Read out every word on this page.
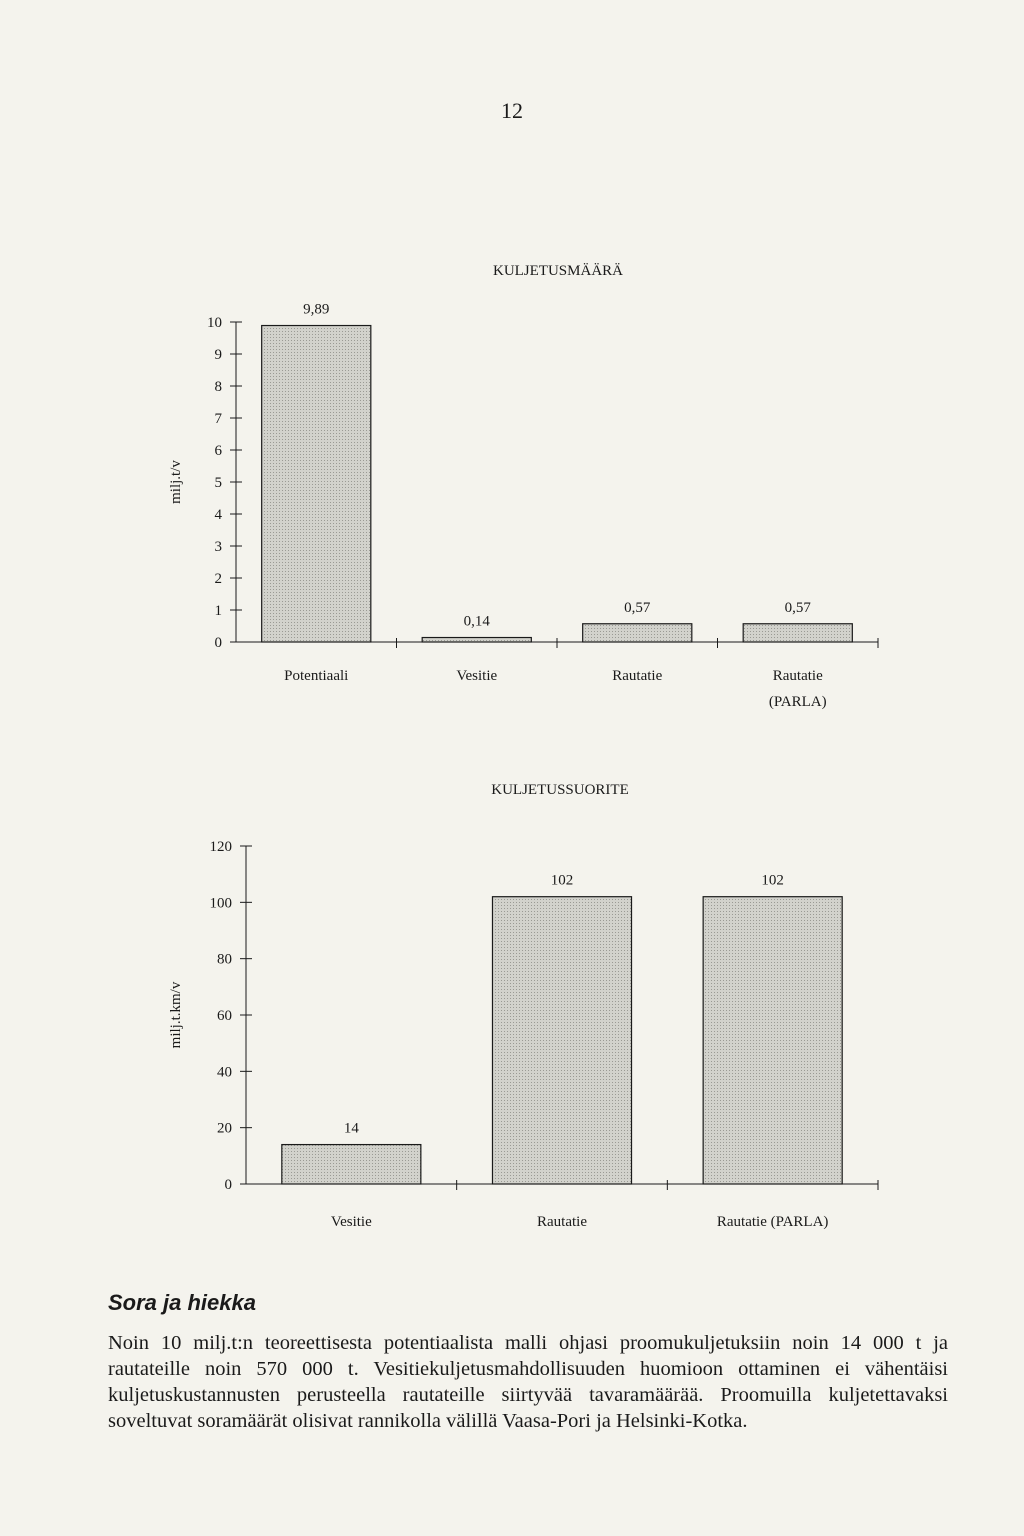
12
KULJETUSMÄÄRÄ
milj.t/v
0
1
2
3
4
5
6
7
8
9
10
9,89
Potentiaali
0,14
Vesitie
0,57
Rautatie
0,57
Rautatie
(PARLA)
KULJETUSSUORITE
milj.t.km/v
0
20
40
60
80
100
120
14
Vesitie
102
Rautatie
102
Rautatie (PARLA)
Sora ja hiekka

Noin 10 milj.t:n teoreettisesta potentiaalista malli ohjasi proomukuljetuksiin noin 14 000 t ja rautateille noin 570 000 t. Vesitiekuljetusmahdollisuuden huomioon ottaminen ei vähentäisi kuljetuskustannusten perusteella rautateille siirtyvää tavaramäärää. Proomuilla kuljetettavaksi soveltuvat soramäärät olisivat rannikolla välillä Vaasa-Pori ja Helsinki-Kotka.
